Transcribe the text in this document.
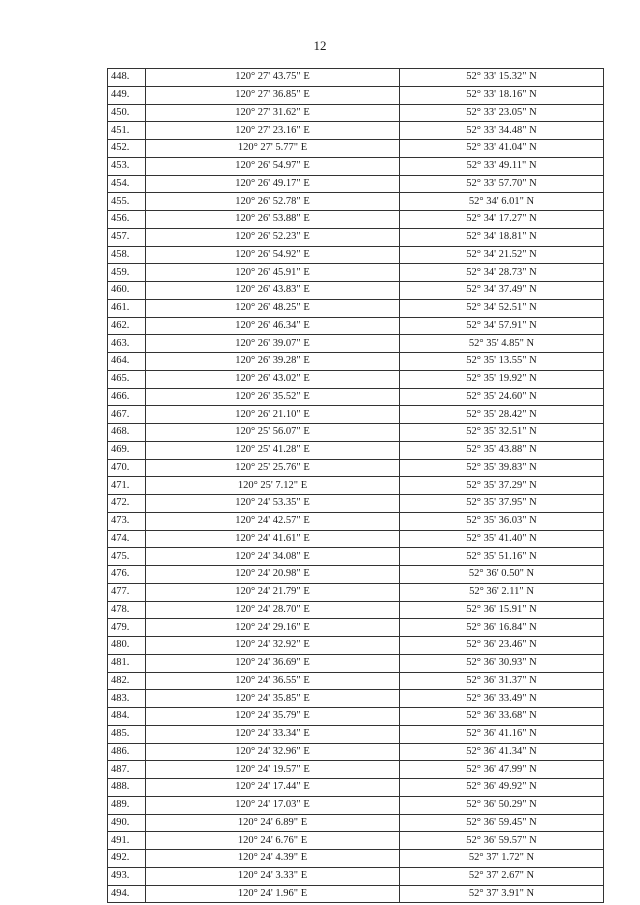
12
448.	120° 27' 43.75" E	52° 33' 15.32" N
449.	120° 27' 36.85" E	52° 33' 18.16" N
450.	120° 27' 31.62" E	52° 33' 23.05" N
451.	120° 27' 23.16" E	52° 33' 34.48" N
452.	120° 27' 5.77" E	52° 33' 41.04" N
453.	120° 26' 54.97" E	52° 33' 49.11" N
454.	120° 26' 49.17" E	52° 33' 57.70" N
455.	120° 26' 52.78" E	52° 34' 6.01" N
456.	120° 26' 53.88" E	52° 34' 17.27" N
457.	120° 26' 52.23" E	52° 34' 18.81" N
458.	120° 26' 54.92" E	52° 34' 21.52" N
459.	120° 26' 45.91" E	52° 34' 28.73" N
460.	120° 26' 43.83" E	52° 34' 37.49" N
461.	120° 26' 48.25" E	52° 34' 52.51" N
462.	120° 26' 46.34" E	52° 34' 57.91" N
463.	120° 26' 39.07" E	52° 35' 4.85" N
464.	120° 26' 39.28" E	52° 35' 13.55" N
465.	120° 26' 43.02" E	52° 35' 19.92" N
466.	120° 26' 35.52" E	52° 35' 24.60" N
467.	120° 26' 21.10" E	52° 35' 28.42" N
468.	120° 25' 56.07" E	52° 35' 32.51" N
469.	120° 25' 41.28" E	52° 35' 43.88" N
470.	120° 25' 25.76" E	52° 35' 39.83" N
471.	120° 25' 7.12" E	52° 35' 37.29" N
472.	120° 24' 53.35" E	52° 35' 37.95" N
473.	120° 24' 42.57" E	52° 35' 36.03" N
474.	120° 24' 41.61" E	52° 35' 41.40" N
475.	120° 24' 34.08" E	52° 35' 51.16" N
476.	120° 24' 20.98" E	52° 36' 0.50" N
477.	120° 24' 21.79" E	52° 36' 2.11" N
478.	120° 24' 28.70" E	52° 36' 15.91" N
479.	120° 24' 29.16" E	52° 36' 16.84" N
480.	120° 24' 32.92" E	52° 36' 23.46" N
481.	120° 24' 36.69" E	52° 36' 30.93" N
482.	120° 24' 36.55" E	52° 36' 31.37" N
483.	120° 24' 35.85" E	52° 36' 33.49" N
484.	120° 24' 35.79" E	52° 36' 33.68" N
485.	120° 24' 33.34" E	52° 36' 41.16" N
486.	120° 24' 32.96" E	52° 36' 41.34" N
487.	120° 24' 19.57" E	52° 36' 47.99" N
488.	120° 24' 17.44" E	52° 36' 49.92" N
489.	120° 24' 17.03" E	52° 36' 50.29" N
490.	120° 24' 6.89" E	52° 36' 59.45" N
491.	120° 24' 6.76" E	52° 36' 59.57" N
492.	120° 24' 4.39" E	52° 37' 1.72" N
493.	120° 24' 3.33" E	52° 37' 2.67" N
494.	120° 24' 1.96" E	52° 37' 3.91" N
